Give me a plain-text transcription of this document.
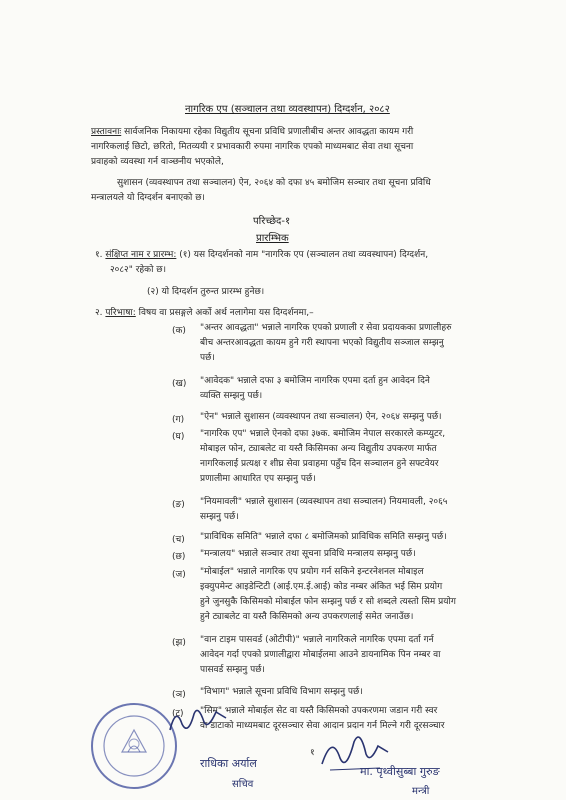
नागरिक एप (सञ्चालन तथा व्यवस्थापन) दिग्दर्शन, २०८२
प्रस्तावनाः सार्वजनिक निकायमा रहेका विद्युतीय सूचना प्रविधि प्रणालीबीच अन्तर आवद्धता कायम गरी
नागरिकलाई छिटो, छरितो, मितव्ययी र प्रभावकारी रुपमा नागरिक एपको माध्यमबाट सेवा तथा सूचना
प्रवाहको व्यवस्था गर्न वाञ्छनीय भएकोले,
सुशासन (व्यवस्थापन तथा सञ्चालन) ऐन, २०६४ को दफा ४५ बमोजिम सञ्चार तथा सूचना प्रविधि
मन्त्रालयले यो दिग्दर्शन बनाएको छ।
परिच्छेद-१
प्रारम्भिक
१. संक्षिप्त नाम र प्रारम्भ: (१) यस दिग्दर्शनको नाम "नागरिक एप (सञ्चालन तथा व्यवस्थापन) दिग्दर्शन,
२०८२" रहेको छ।
(२) यो दिग्दर्शन तुरुन्त प्रारम्भ हुनेछ।
२. परिभाषा: विषय वा प्रसङ्गले अर्को अर्थ नलागेमा यस दिग्दर्शनमा,–
(क) "अन्तर आवद्धता" भन्नाले नागरिक एपको प्रणाली र सेवा प्रदायकका प्रणालीहरु
बीच अन्तरआवद्धता कायम हुने गरी स्थापना भएको विद्युतीय सञ्जाल सम्झनु
पर्छ।
(ख) "आवेदक" भन्नाले दफा ३ बमोजिम नागरिक एपमा दर्ता हुन आवेदन दिने
व्यक्ति सम्झनु पर्छ।
(ग) "ऐन" भन्नाले सुशासन (व्यवस्थापन तथा सञ्चालन) ऐन, २०६४ सम्झनु पर्छ।
(घ) "नागरिक एप" भन्नाले ऐनको दफा ३७क. बमोजिम नेपाल सरकारले कम्प्युटर,
मोबाइल फोन, ट्याबलेट वा यस्तै किसिमका अन्य विद्युतीय उपकरण मार्फत
नागरिकलाई प्रत्यक्ष र शीघ्र सेवा प्रवाहमा पहुँच दिन सञ्चालन हुने सफ्टवेयर
प्रणालीमा आधारित एप सम्झनु पर्छ।
(ङ) "नियमावली" भन्नाले सुशासन (व्यवस्थापन तथा सञ्चालन) नियमावली, २०६५
सम्झनु पर्छ।
(च) "प्राविधिक समिति" भन्नाले दफा ८ बमोजिमको प्राविधिक समिति सम्झनु पर्छ।
(छ) "मन्त्रालय" भन्नाले सञ्चार तथा सूचना प्रविधि मन्त्रालय सम्झनु पर्छ।
(ज) "मोबाईल" भन्नाले नागरिक एप प्रयोग गर्न सकिने इन्टरनेशनल मोबाइल
इक्युपमेन्ट आइडेन्टिटी (आई.एम.ई.आई) कोड नम्बर अंकित भई सिम प्रयोग
हुने जुनसुकै किसिमको मोबाईल फोन सम्झनु पर्छ र सो शब्दले त्यस्तो सिम प्रयोग
हुने ट्याबलेट वा यस्तै किसिमको अन्य उपकरणलाई समेत जनाउँछ।
(झ) "वान टाइम पासवर्ड (ओटीपी)" भन्नाले नागरिकले नागरिक एपमा दर्ता गर्न
आवेदन गर्दा एपको प्रणालीद्वारा मोबाईलमा आउने डायनामिक पिन नम्बर वा
पासवर्ड सम्झनु पर्छ।
(ञ) "विभाग" भन्नाले सूचना प्रविधि विभाग सम्झनु पर्छ।
(ट) "सिम" भन्नाले मोबाईल सेट वा यस्तै किसिमको उपकरणमा जडान गरी स्वर
वा डाटाको माध्यमबाट दूरसञ्चार सेवा आदान प्रदान गर्न मिल्ने गरी दूरसञ्चार
राधिका अर्याल
सचिव
१
मा. पृथ्वीसुब्बा गुरुङ
मन्त्री
